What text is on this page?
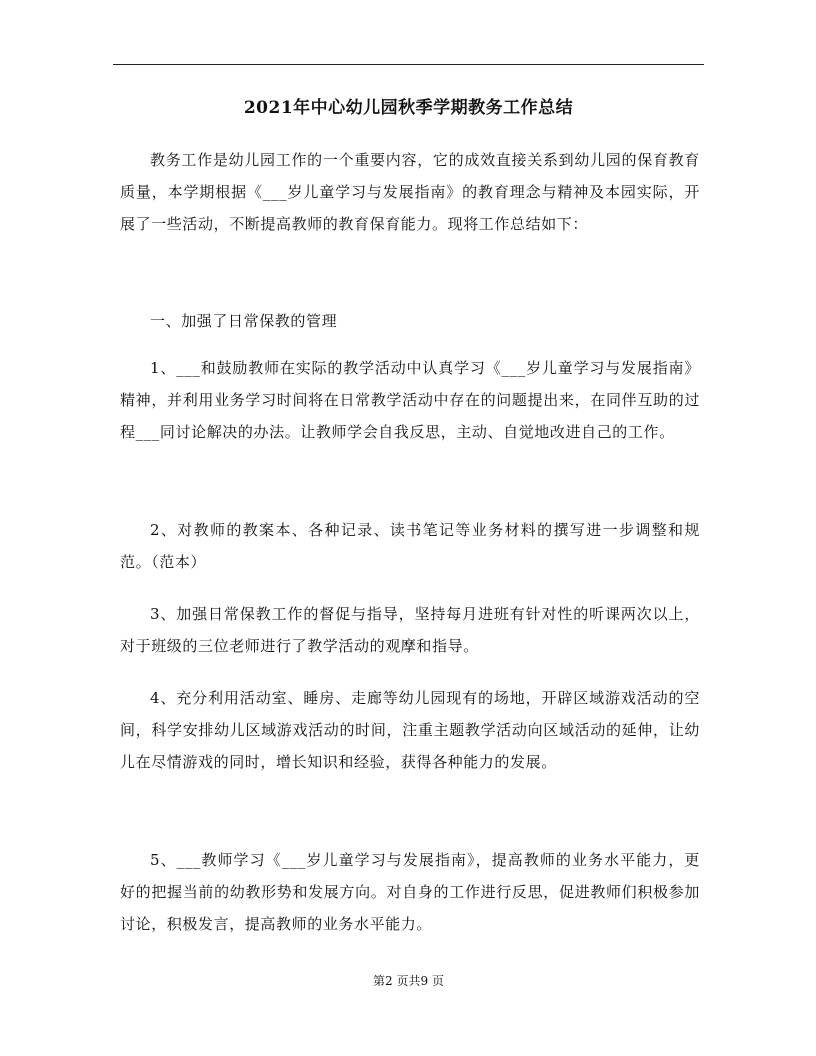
2021年中心幼儿园秋季学期教务工作总结

教务工作是幼儿园工作的一个重要内容，它的成效直接关系到幼儿园的保育教育质量，本学期根据《___岁儿童学习与发展指南》的教育理念与精神及本园实际，开展了一些活动，不断提高教师的教育保育能力。现将工作总结如下：

一、加强了日常保教的管理

1、___和鼓励教师在实际的教学活动中认真学习《___岁儿童学习与发展指南》精神，并利用业务学习时间将在日常教学活动中存在的问题提出来，在同伴互助的过程___同讨论解决的办法。让教师学会自我反思，主动、自觉地改进自己的工作。

2、对教师的教案本、各种记录、读书笔记等业务材料的撰写进一步调整和规范。（范本）

3、加强日常保教工作的督促与指导，坚持每月进班有针对性的听课两次以上，对于班级的三位老师进行了教学活动的观摩和指导。

4、充分利用活动室、睡房、走廊等幼儿园现有的场地，开辟区域游戏活动的空间，科学安排幼儿区域游戏活动的时间，注重主题教学活动向区域活动的延伸，让幼儿在尽情游戏的同时，增长知识和经验，获得各种能力的发展。

5、___教师学习《___岁儿童学习与发展指南》，提高教师的业务水平能力，更好的把握当前的幼教形势和发展方向。对自身的工作进行反思，促进教师们积极参加讨论，积极发言，提高教师的业务水平能力。

第2 页共9 页
